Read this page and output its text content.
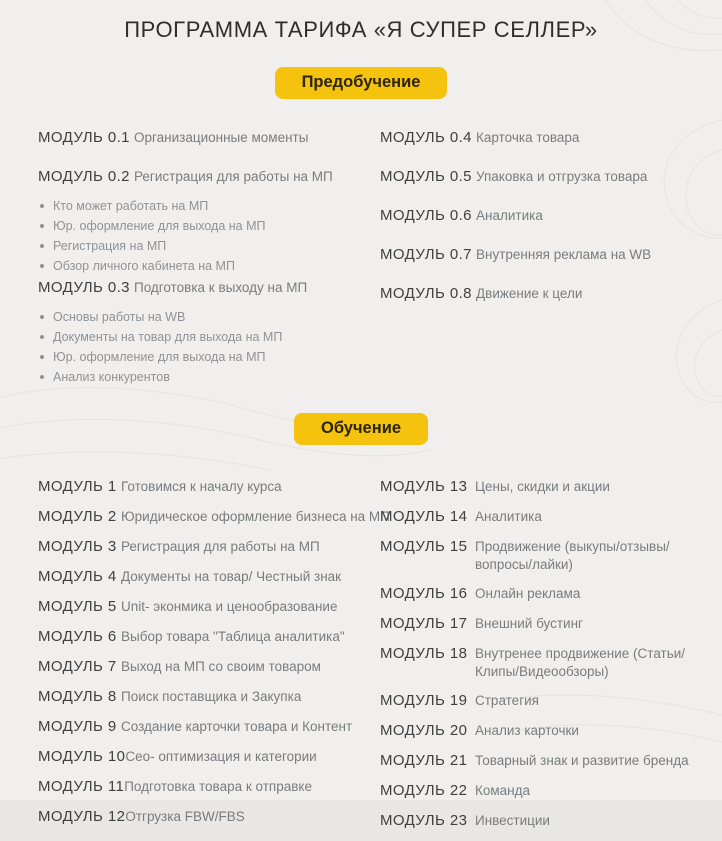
ПРОГРАММА ТАРИФА «Я СУПЕР СЕЛЛЕР»
Предобучение
МОДУЛЬ 0.1 Организационные моменты
МОДУЛЬ 0.2 Регистрация для работы на МП
Кто может работать на МП
Юр. оформление для выхода на МП
Регистрация на МП
Обзор личного кабинета на МП
МОДУЛЬ 0.3 Подготовка к выходу на МП
Основы работы на WB
Документы на товар для выхода на МП
Юр. оформление для выхода на МП
Анализ конкурентов
МОДУЛЬ 0.4 Карточка товара
МОДУЛЬ 0.5 Упаковка и отгрузка товара
МОДУЛЬ 0.6 Аналитика
МОДУЛЬ 0.7 Внутренняя реклама на WB
МОДУЛЬ 0.8 Движение к цели
Обучение
МОДУЛЬ 1 Готовимся к началу курса
МОДУЛЬ 2 Юридическое оформление бизнеса на МП
МОДУЛЬ 3 Регистрация для работы на МП
МОДУЛЬ 4 Документы на товар/ Честный знак
МОДУЛЬ 5 Unit- эконмика и ценообразование
МОДУЛЬ 6 Выбор товара "Таблица аналитика"
МОДУЛЬ 7 Выход на МП со своим товаром
МОДУЛЬ 8 Поиск поставщика и Закупка
МОДУЛЬ 9 Создание карточки товара и Контент
МОДУЛЬ 10 Сео- оптимизация и категории
МОДУЛЬ 11 Подготовка товара к отправке
МОДУЛЬ 12 Отгрузка FBW/FBS
МОДУЛЬ 13 Цены, скидки и акции
МОДУЛЬ 14 Аналитика
МОДУЛЬ 15 Продвижение (выкупы/отзывы/вопросы/лайки)
МОДУЛЬ 16 Онлайн реклама
МОДУЛЬ 17 Внешний бустинг
МОДУЛЬ 18 Внутренее продвижение (Статьи/Клипы/Видеообзоры)
МОДУЛЬ 19 Стратегия
МОДУЛЬ 20 Анализ карточки
МОДУЛЬ 21 Товарный знак и развитие бренда
МОДУЛЬ 22 Команда
МОДУЛЬ 23 Инвестиции
